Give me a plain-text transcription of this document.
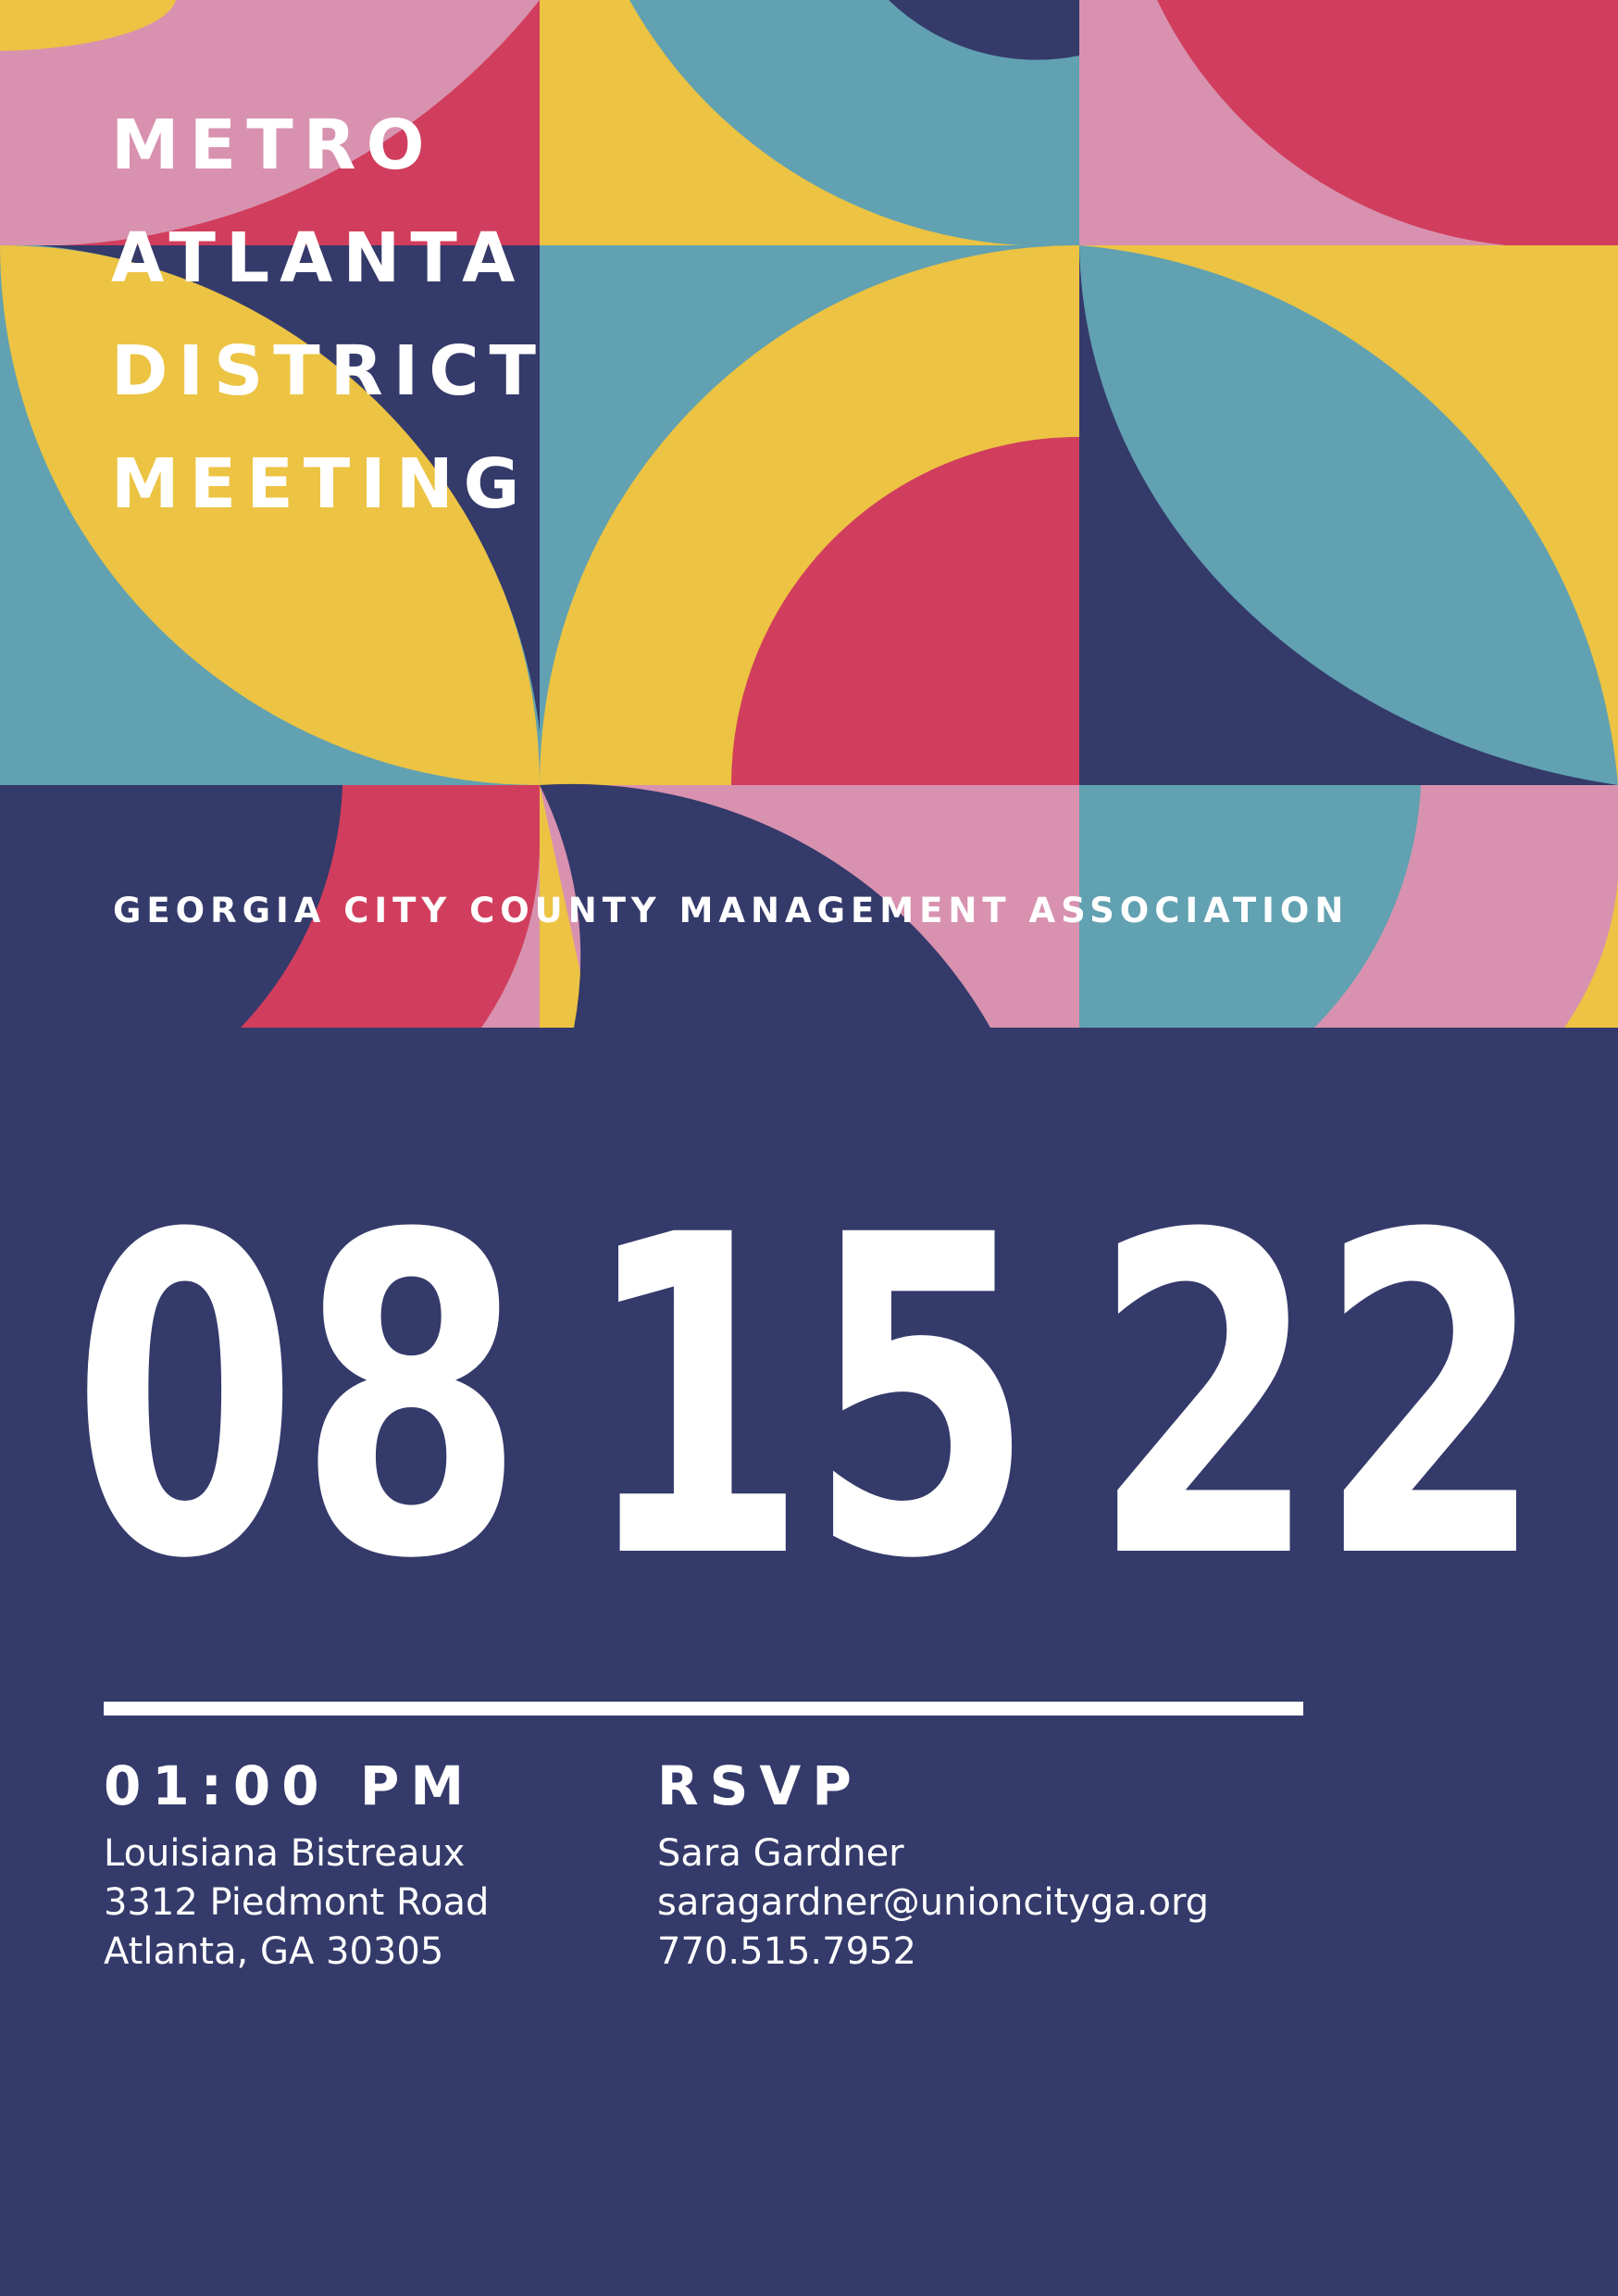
METRO
ATLANTA
DISTRICT
MEETING
GEORGIA CITY COUNTY MANAGEMENT ASSOCIATION
08 15 22
01:00 PM
Louisiana Bistreaux
3312 Piedmont Road
Atlanta, GA 30305
RSVP
Sara Gardner
saragardner@unioncityga.org
770.515.7952
